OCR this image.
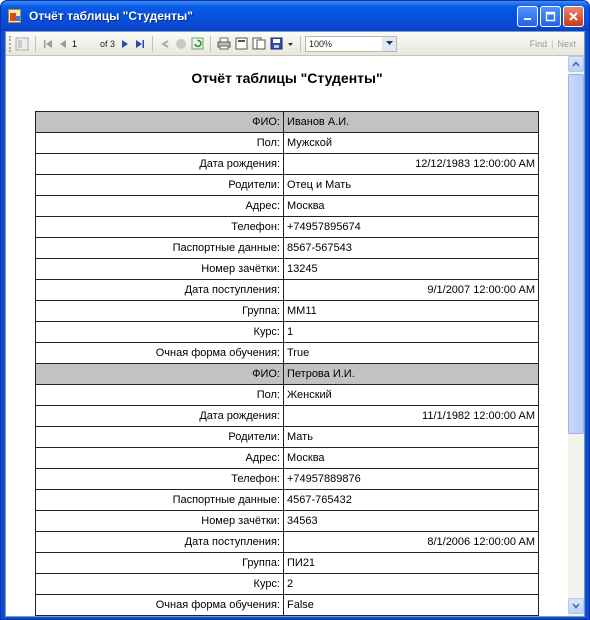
Отчёт таблицы "Студенты"
1
of 3	100%	Find | Next
Отчёт таблицы "Студенты"
ФИО:	Иванов А.И.
Пол:	Мужской
Дата рождения:	12/12/1983 12:00:00 AM
Родители:	Отец и Мать
Адрес:	Москва
Телефон:	+74957895674
Паспортные данные:	8567-567543
Номер зачётки:	13245
Дата поступления:	9/1/2007 12:00:00 AM
Группа:	ММ11
Курс:	1
Очная форма обучения:	True
ФИО:	Петрова И.И.
Пол:	Женский
Дата рождения:	11/1/1982 12:00:00 AM
Родители:	Мать
Адрес:	Москва
Телефон:	+74957889876
Паспортные данные:	4567-765432
Номер зачётки:	34563
Дата поступления:	8/1/2006 12:00:00 AM
Группа:	ПИ21
Курс:	2
Очная форма обучения:	False
